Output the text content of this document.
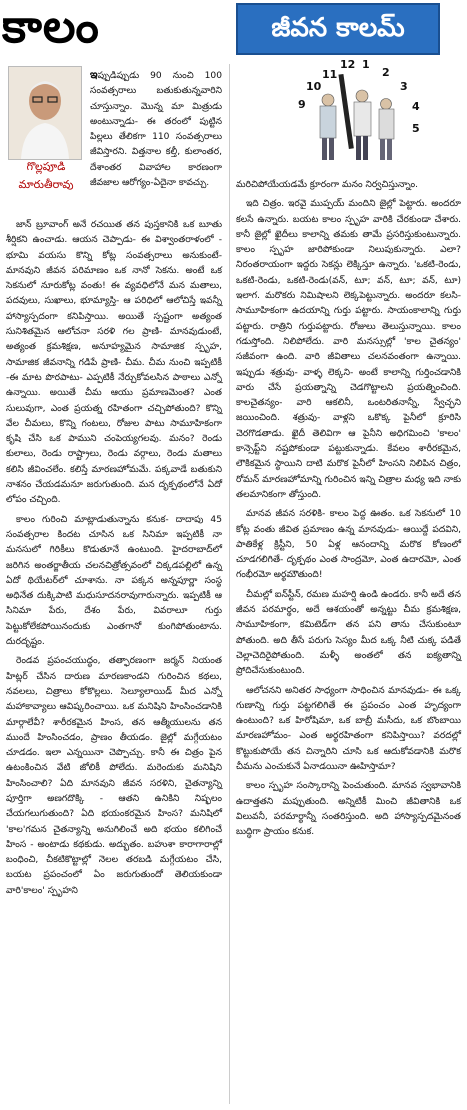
కాలం	జీవన కాలమ్
11
12 1
2
3
4
5
10
9
గొల్లపూడి
మారుతీరావు

ఇప్పుడిప్పుడు 90 నుంచి 100 సంవత్సరాలు బతుకుతున్నవారిని చూస్తున్నాం. మొన్న మా మిత్రుడు అంటున్నాడు- ఈ తరంలో పుట్టిన పిల్లలు తేలికగా 110 సంవత్సరాలు జీవిస్తారని. విత్తనాల కల్తీ, కులాంతర, దేశాంతర వివాహాల కారణంగా జీవజాల ఆరోగ్యం-ఏదైనా కావచ్చు.

జాన్ బ్రూవాంగ్ అనే రచయిత తన పుస్తకానికి ఒక బూతు శీర్షికని ఉంచాడు. ఆయన చెప్పాడు- ఈ విశ్వాంతరాళంలో - భూమి వయసు కొన్ని కోట్ల సంవత్సరాలు అనుకుంటే- మానవుని జీవన పరిమాణం ఒక నానో సెకను. అంటే ఒక సెకనులో నూరుకోట్ల వంతు! ఈ వ్యవధిలోనే మన మతాలు, పదవులు, సుఖాలు, భూమ్యాస్తి- ఆ పరిధిలో ఆలోచిస్తే ఇవన్నీ హాస్యాస్పదంగా కనిపిస్తాయి. అయితే స్పష్టంగా అత్యంత సునిశితమైన ఆలోచనా సరళి గల ప్రాణి- మానవుడుంటే, అత్యంత క్రమశిక్షణ, అనూహ్యమైన సామాజిక స్పృహ, సామాజిక జీవనాన్ని గడిపే ప్రాణి- చీమ. చీమ నుంచి ఇప్పటికీ -ఈ మాట పొరపాటు- ఎప్పటికీ నేర్చుకోవలసిన పాఠాలు ఎన్నో ఉన్నాయి. అయితే చీమ ఆయు ప్రమాణమెంత? ఎంత సులువుగా, ఎంత ప్రయత్న రహితంగా చచ్చిపోతుంది? కొన్ని వేల చీమలు, కొన్ని గంటలు, రోజుల పాటు సామూహికంగా కృషి చేసి ఒక పాముని చంపెయ్యగలవు. మనం? రెండు కులాలు, రెండు రాష్ట్రాలు, రెండు వర్గాలు, రెండు మతాలు కలిసి జీవించలేం. కలిస్తే మారణహోమమే. పక్కవాడే బతుకుని నాశనం చేయడమనూ జరుగుతుంది. మన దృక్పథంలోనే ఏదో లోపం చచ్చింది.

కాలం గురించి మాట్లాడుతున్నాను కనుక- దాదాపు 45 సంవత్సరాల కిందట చూసిన ఒక సినిమా ఇప్పటికీ నా మనసులో గిరికీలు కొడుతూనే ఉంటుంది. హైదరాబాద్‌లో జరిగిన అంతర్జాతీయ చలనచిత్రోత్సవంలో చిక్కడపల్లిలో ఉన్న ఏదో థియేటర్‌లో చూశాను. నా పక్కన అన్నపూర్ణా సంస్థ అధినేత దుక్కిపాటి మధుసూదనరావుగారున్నారు. ఇప్పటికీ ఆ సినిమా పేరు, దేశం పేరు, వివరాలూ గుర్తు పెట్టుకోలేకపోయినందుకు ఎంతగానో కుంగిపోతుంటాను. దురదృష్టం.

రెండవ ప్రపంచయుద్ధం, తత్ఫారణంగా జర్మన్ నియంత హిట్లర్ చేసిన దారుణ మారణకాండని గురించిన కథలు, నవలలు, చిత్రాలు కోకొల్లలు. సెల్యూలాయిడ్ మీద ఎన్నో మహాకావ్యాలు ఆవిష్కరించాయి. ఒక మనిషిని హింసించడానికి మార్గాలేవీ? శారీరకమైన హింస, తన ఆత్మీయులను తన ముందే హింసించడం, ప్రాణం తీయడం. జైల్లో మగ్గేయటం చూడడం. ఇలా ఎన్నయినా చెప్పొచ్చు. కానీ ఈ చిత్రం పైన ఉటంకించిన వేటి జోలికీ పోలేదు. మరెందుకు మనిషిని హింసించాలి? ఏది మానవుని జీవన సరళిని, చైతన్యాన్ని పూర్తిగా అణగదొక్కి - ఆతని ఉనికిని నిష్ఫలం చేయగలుగుతుంది? ఏది భయంకరమైన హింస? మనిషిలో 'కాల'గమన చైతన్యాన్ని అనుగిలించే అది భయం కలిగించే హింస - అంటాడు కథకుడు. అద్భుతం. బహుశా కారాగారాల్లో బంధించి, చీకటికొట్టాల్లో నెలల తరబడి మగ్గేయటం చేసి, బయట ప్రపంచంలో ఏం జరుగుతుందో తెలియకుండా వారి'కాలం' స్పృహని

మరిచిపోయేయడమే క్రూరంగా మనం నిర్వచిస్తున్నాం.

ఇది చిత్రం. ఇరవై ముప్పయ్ మందిని జైల్లో పెట్టారు. అందరూ కలసే ఉన్నారు. బయట కాలం స్పృహ వారికి చేరకుండా చేశారు. కానీ జైల్లో ఖైదీలు కాలాన్ని తమకు తామే ప్రసరిస్తుకుంటున్నారు. కాలం స్పృహ జారిపోకుండా నిలుపుకున్నారు. ఎలా? నిరంతరాయంగా ఇద్దరు సెకన్లు లెక్కిస్తూ ఉన్నారు. 'ఒకటి-రెండు, ఒకటి-రెండు, ఒకటి-రెండు(వన్, టూ; వన్, టూ; వన్, టూ) ఇలాగ. మరొకరు నిమిషాలని లెక్కపెట్టున్నారు. అందరూ కలసి- సామూహికంగా ఉదయాన్ని గుర్తు పట్టారు. సాయంకాలాన్ని గుర్తు పట్టారు. రాత్రిని గుర్తుపట్టారు. రోజులు తెలుస్తున్నాయి. కాలం గడుస్తోంది. నిలిపోలేదు. వారి మనస్సుల్లో 'కాల చైతన్యం' సజీవంగా ఉంది. వారి జీవితాలు చలనవంతంగా ఉన్నాయి. ఇప్పుడు శత్రువు- వాళ్ళ లెక్కని- అంటే కాలాన్ని గుర్తించడానికి వారు చేసే ప్రయత్నాన్ని చెడగొట్టాలని ప్రయత్నించింది. కాలచైతన్యం- వారి ఆకలినీ, ఒంటరితనాన్నీ, స్వేచ్ఛని జయించింది. శత్రువు- వాళ్లని ఒకొక్క పైనీలో క్రూరిసి చెరగొడతాడు. ఖైదీ తెలివిగా ఆ పైనీని అధిగమించి 'కాలం' కాన్సెప్ట్‌ని నష్టపోకుండా పట్టుకున్నాడు. కేవలం శారీరకమైన, లౌకికమైన స్థాయిని దాటి మరొక పైనీలో హింసని నిలిపిన చిత్రం, రోమన్ మారణహోమాన్ని గురించిన ఇన్ని చిత్రాల మధ్య ఇది నాకు తలమానికంగా తోస్తుంది.

మానవ జీవన సరళికి- కాలం పెద్ద ఊతం. ఒక సెకనులో 10 కోట్ల వంతు జీవిత ప్రమాణం ఉన్న మానవుడు- ఆయిద్దే పదవిని, పాతికేళ్ల క్రిస్టీని, 50 ఏళ్ల ఆనందాన్ని మరొక కోణంలో చూడగలిగితే- దృక్పథం ఎంత సాంద్రమో, ఎంత ఉదారమో, ఎంత గంభీరమో అర్థమౌతుంది!

చీమల్లో ఐన్‌స్టీన్, రమణ మహర్షి ఉండి ఉండరు. కానీ అదే తన జీవన పరమార్థం, అదే ఆశయంతో అన్నట్టు చీమ క్రమశిక్షణ, సామూహికంగా, కమిటెడ్‌గా తన పని తాను చేసుకుంటూ పోతుంది. అది తీసే పరుగు సెస్యం మీద ఒక్క నీటి చుక్క పడితే చెల్లాచెదిరైపోతుంది. మళ్ళీ అంతలో తన ఐక్యతాన్ని ప్రోదిచేసుకుంటుంది.

ఆలోచనని అనితర సాధ్యంగా సాధించిన మానవుడు- ఈ ఒక్క గుణాన్ని గుర్తు పట్టగలిగితే ఈ ప్రపంచం ఎంత హృద్యంగా ఉంటుంది? ఒక హిరోషిమా, ఒక బాబ్రీ మసీదు, ఒక బొంబాయి మారణహోమం- ఎంత అర్థరహితంగా కనిపిస్తాయి? వరదల్లో కొట్టుకుపోయే తన చిన్నారిని చూసి ఒక ఆదుకోవడానికి మరొక చీమను ఎంచుకునే ఏనాడయినా ఊహిస్తామా?

కాలం స్పృహ సంస్కారాన్ని పెంచుతుంది. మానవ స్వభావానికి ఉదాత్తతని మప్పుతుంది. అన్నిటికీ మించి జీవితానికి ఒక విలువనీ, పరమార్థాన్నీ సంతరిస్తుంది. అది హాస్యాస్పదమైనంత బుద్ధిగా ప్రాయం కనుక.
